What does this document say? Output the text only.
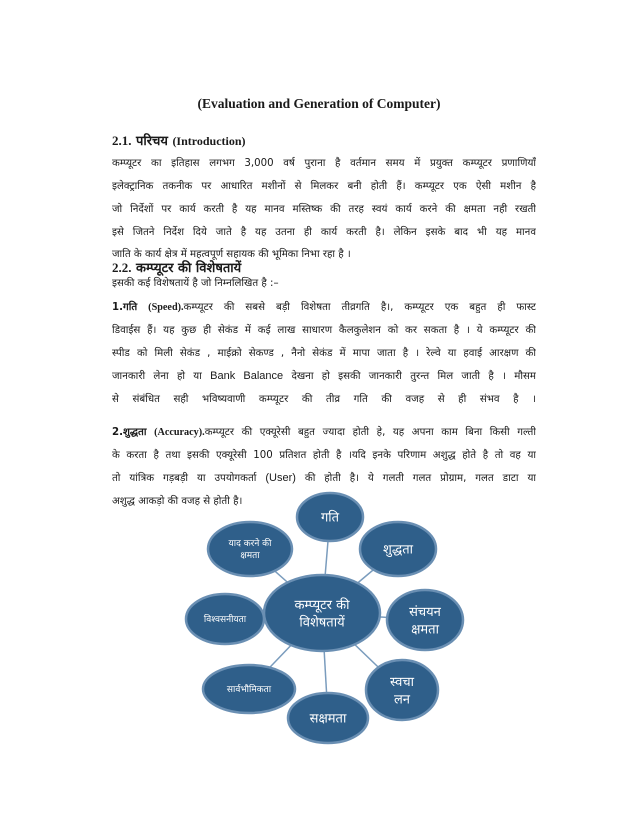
(Evaluation and Generation of Computer)
2.1. परिचय (Introduction)
कम्प्यूटर का इतिहास लगभग 3,000 वर्ष पुराना है वर्तमान समय में प्रयुक्त कम्प्यूटर प्रणाणियाँ
इलेक्ट्रानिक तकनीक पर आधारित मशीनों से मिलकर बनी होती हैं। कम्प्यूटर एक ऐसी मशीन है
जो निर्देशों पर कार्य करती है यह मानव मस्तिष्क की तरह स्वयं कार्य करने की क्षमता नही रखती
इसे जितने निर्देश दिये जाते है यह उतना ही कार्य करती है। लेकिन इसके बाद भी यह मानव
जाति के कार्य क्षेत्र में महत्वपूर्ण सहायक की भूमिका निभा रहा है ।
2.2. कम्प्यूटर की विशेषतायें
इसकी कई विशेषतायें है जो निम्नलिखित है :–
1.गति (Speed).कम्प्यूटर की सबसे बड़ी विशेषता तीव्रगति है।, कम्प्यूटर एक बहुत ही फास्ट
डिवाईस हैं। यह कुछ ही सेकंड में कई लाख साधारण कैलकुलेशन को कर सकता है । ये कम्प्यूटर की
स्पीड को मिली सेकंड , माईक्रो सेकण्ड , नैनो सेकंड में मापा जाता है । रेल्वे या हवाई आरक्षण की
जानकारी लेना हो या Bank Balance देखना हो इसकी जानकारी तुरन्त मिल जाती है । मौसम
से संबंधित सही भविष्यवाणी कम्प्यूटर की तीव्र गति की वजह से ही संभव है ।
2.शुद्धता (Accuracy).कम्प्यूटर की एक्यूरेसी बहुत ज्यादा होती हे, यह अपना काम बिना किसी गल्ती
के करता है तथा इसकी एक्यूरेसी 100 प्रतिशत होती है ।यदि इनके परिणाम अशुद्ध होते है तो वह या
तो यांत्रिक गड़बड़ी या उपयोगकर्ता (User) की होती है। ये गलती गलत प्रोग्राम, गलत डाटा या
अशुद्ध आकड़ो की वजह से होती है।
गति
शुद्धता
संचयन
क्षमता
स्वचा
लन
सक्षमता
सार्वभौमिकता
विश्वसनीयता
याद करने की
क्षमता
कम्प्यूटर की
विशेषतायें
